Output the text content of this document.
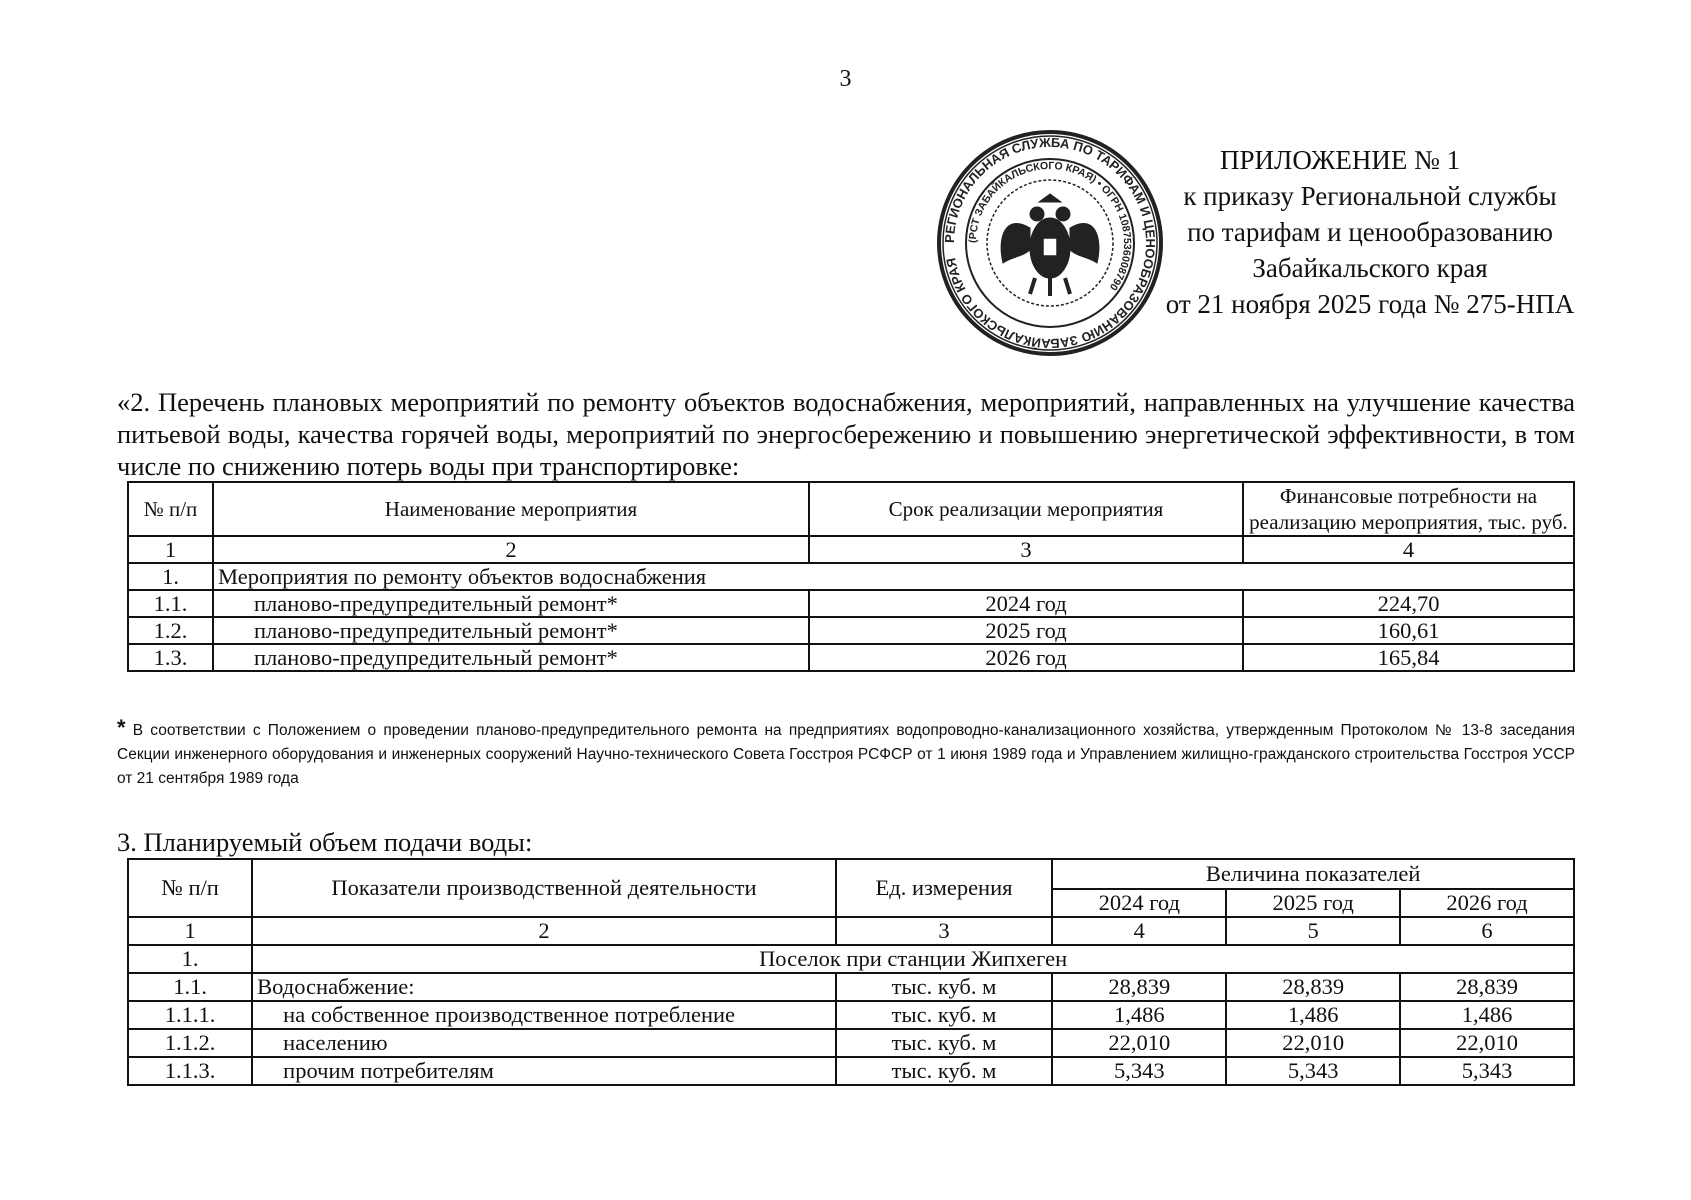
3
РЕГИОНАЛЬНАЯ СЛУЖБА ПО ТАРИФАМ И ЦЕНООБРАЗОВАНИЮ ЗАБАЙКАЛЬСКОГО КРАЯ
(РСТ ЗАБАЙКАЛЬСКОГО КРАЯ) • ОГРН 1087536008790
ПРИЛОЖЕНИЕ № 1
к приказу Региональной службы
по тарифам и ценообразованию
Забайкальского края
от 21 ноября 2025 года № 275-НПА
«2. Перечень плановых мероприятий по ремонту объектов водоснабжения, мероприятий, направленных на улучшение качества питьевой воды, качества горячей воды, мероприятий по энергосбережению и повышению энергетической эффективности, в том числе по снижению потерь воды при транспортировке:
№ п/п	Наименование мероприятия	Срок реализации мероприятия	Финансовые потребности на реализацию мероприятия, тыс. руб.
1	2	3	4
1.	Мероприятия по ремонту объектов водоснабжения		
1.1.	планово-предупредительный ремонт*	2024 год	224,70
1.2.	планово-предупредительный ремонт*	2025 год	160,61
1.3.	планово-предупредительный ремонт*	2026 год	165,84
* В соответствии с Положением о проведении планово-предупредительного ремонта на предприятиях водопроводно-канализационного хозяйства, утвержденным Протоколом № 13-8 заседания Секции инженерного оборудования и инженерных сооружений Научно-технического Совета Госстроя РСФСР от 1 июня 1989 года и Управлением жилищно-гражданского строительства Госстроя УССР от 21 сентября 1989 года
3. Планируемый объем подачи воды:
№ п/п	Показатели производственной деятельности	Ед. измерения	Величина показателей		
			2024 год	2025 год	2026 год
1	2	3	4	5	6
1.	Поселок при станции Жипхеген				
1.1.	Водоснабжение:	тыс. куб. м	28,839	28,839	28,839
1.1.1.	на собственное производственное потребление	тыс. куб. м	1,486	1,486	1,486
1.1.2.	населению	тыс. куб. м	22,010	22,010	22,010
1.1.3.	прочим потребителям	тыс. куб. м	5,343	5,343	5,343
